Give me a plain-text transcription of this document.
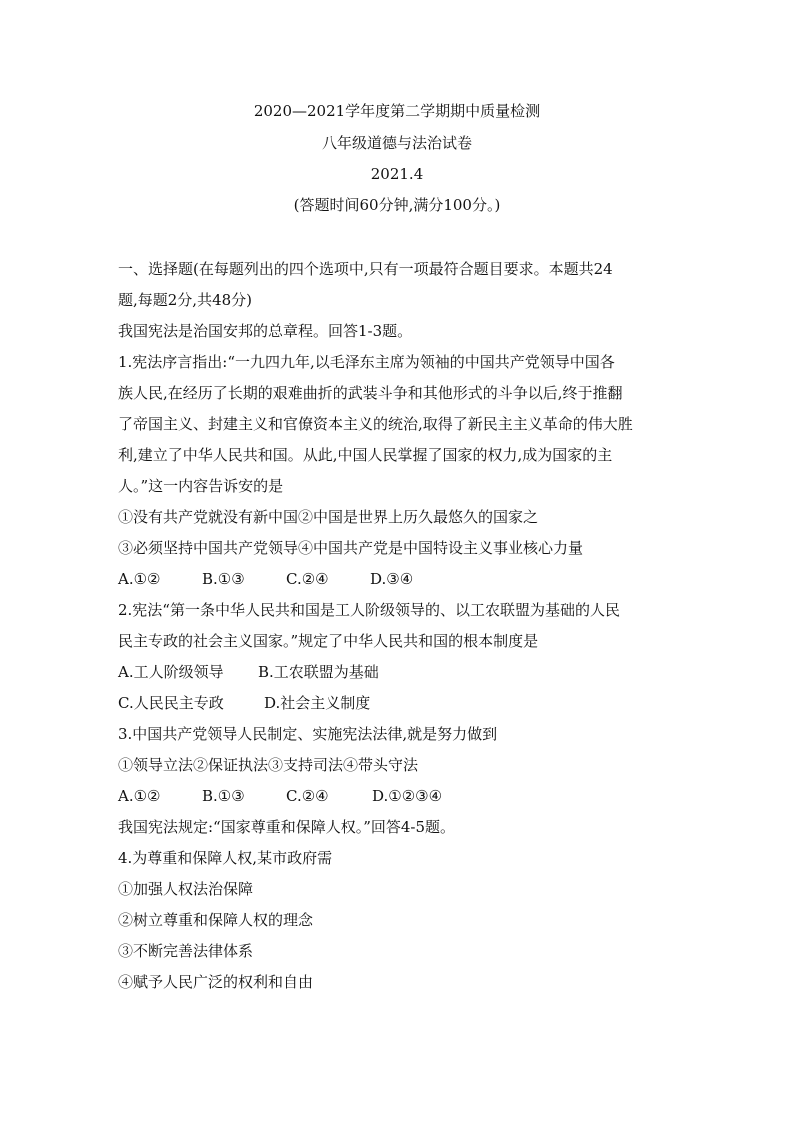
2020—2021学年度第二学期期中质量检测
八年级道德与法治试卷
2021.4
(答题时间60分钟,满分100分。)
一、选择题(在每题列出的四个选项中,只有一项最符合题目要求。本题共24
题,每题2分,共48分)
我国宪法是治国安邦的总章程。回答1-3题。
1.宪法序言指出:“一九四九年,以毛泽东主席为领袖的中国共产党领导中国各
族人民,在经历了长期的艰难曲折的武装斗争和其他形式的斗争以后,终于推翻
了帝国主义、封建主义和官僚资本主义的统治,取得了新民主主义革命的伟大胜
利,建立了中华人民共和国。从此,中国人民掌握了国家的权力,成为国家的主
人。”这一内容告诉安的是
①没有共产党就没有新中国②中国是世界上历久最悠久的国家之
③必须坚持中国共产党领导④中国共产党是中国特设主义事业核心力量
A.①②	B.①③	C.②④	D.③④
2.宪法“第一条中华人民共和国是工人阶级领导的、以工农联盟为基础的人民
民主专政的社会主义国家。”规定了中华人民共和国的根本制度是
A.工人阶级领导 B.工农联盟为基础
C.人民民主专政	D.社会主义制度
3.中国共产党领导人民制定、实施宪法法律,就是努力做到
①领导立法②保证执法③支持司法④带头守法
A.①②	B.①③	C.②④	D.①②③④
我国宪法规定:“国家尊重和保障人权。”回答4-5题。
4.为尊重和保障人权,某市政府需
①加强人权法治保障
②树立尊重和保障人权的理念
③不断完善法律体系
④赋予人民广泛的权利和自由
